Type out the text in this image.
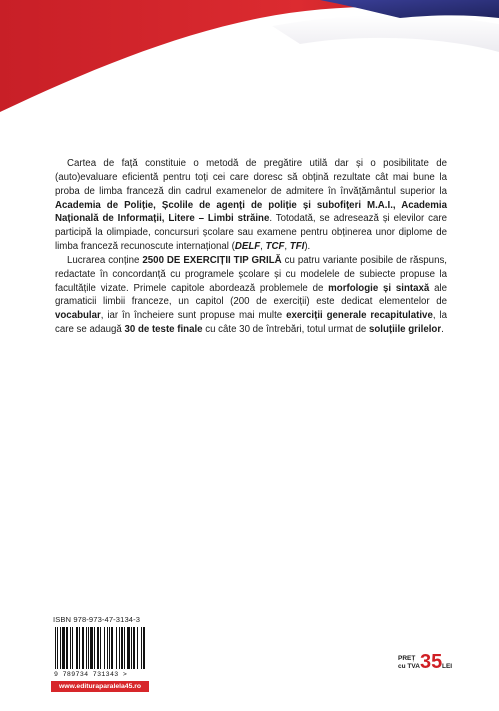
Cartea de față constituie o metodă de pregătire utilă dar și o posibilitate de (auto)evaluare eficientă pentru toți cei care doresc să obțină rezultate cât mai bune la proba de limba franceză din cadrul examenelor de admitere în învățământul superior la Academia de Poliție, Școlile de agenți de poliție și subofițeri M.A.I., Academia Națională de Informații, Litere – Limbi străine. Totodată, se adresează și elevilor care participă la olimpiade, concursuri școlare sau examene pentru obținerea unor diplome de limba franceză recunoscute internațional (DELF, TCF, TFI).

Lucrarea conține 2500 DE EXERCIȚII TIP GRILĂ cu patru variante posibile de răspuns, redactate în concordanță cu programele școlare și cu modelele de subiecte propuse la facultățile vizate. Primele capitole abordează problemele de morfologie și sintaxă ale gramaticii limbii franceze, un capitol (200 de exerciții) este dedicat elementelor de vocabular, iar în încheiere sunt propuse mai multe exerciții generale recapitulative, la care se adaugă 30 de teste finale cu câte 30 de întrebări, totul urmat de soluțiile grilelor.

ISBN 978-973-47-3134-3
9 789734 731343 >
www.edituraparalela45.ro
PREȚ
cu TVA 35 LEI
